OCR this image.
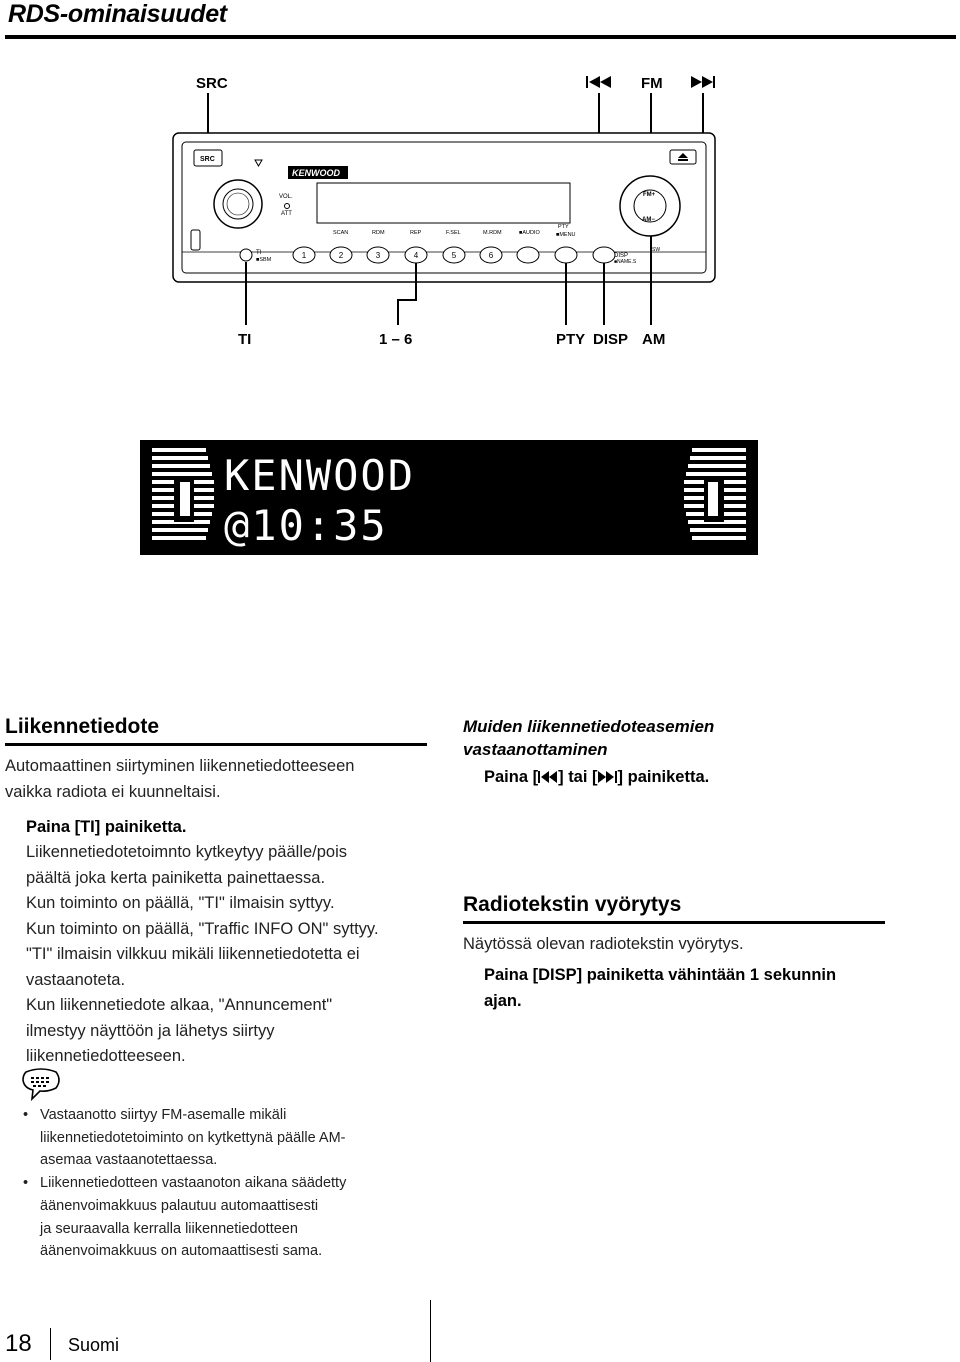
RDS-ominaisuudet
SRC	FM
SRC
VOL.
ATT
KENWOOD
SCAN	RDM	REP	F.SEL	M.RDM	■AUDIO
PTY
■MENU
FM+
AM−
TI
■SBM	1	2	3	4	5	6	DISP
■NAME.S
SW
TI	1 – 6	PTY DISP AM
KENWOOD
@10:35
Liikennetiedote
Automaattinen siirtyminen liikennetiedotteeseen
vaikka radiota ei kuunneltaisi.
Paina [TI] painiketta.
Liikennetiedotetoimnto kytkeytyy päälle/pois
päältä joka kerta painiketta painettaessa.
Kun toiminto on päällä, "TI" ilmaisin syttyy.
Kun toiminto on päällä, "Traffic INFO ON" syttyy.
"TI" ilmaisin vilkkuu mikäli liikennetiedotetta ei
vastaanoteta.
Kun liikennetiedote alkaa, "Annuncement"
ilmestyy näyttöön ja lähetys siirtyy
liikennetiedotteeseen.
• Vastaanotto siirtyy FM-asemalle mikäli
liikennetiedotetoiminto on kytkettynä päälle AM-
asemaa vastaanotettaessa.
• Liikennetiedotteen vastaanoton aikana säädetty
äänenvoimakkuus palautuu automaattisesti
ja seuraavalla kerralla liikennetiedotteen
äänenvoimakkuus on automaattisesti sama.
Muiden liikennetiedoteasemien
vastaanottaminen
Paina [ ] tai [ ] painiketta.
Radiotekstin vyörytys
Näytössä olevan radiotekstin vyörytys.
Paina [DISP] painiketta vähintään 1 sekunnin
ajan.
18 Suomi
